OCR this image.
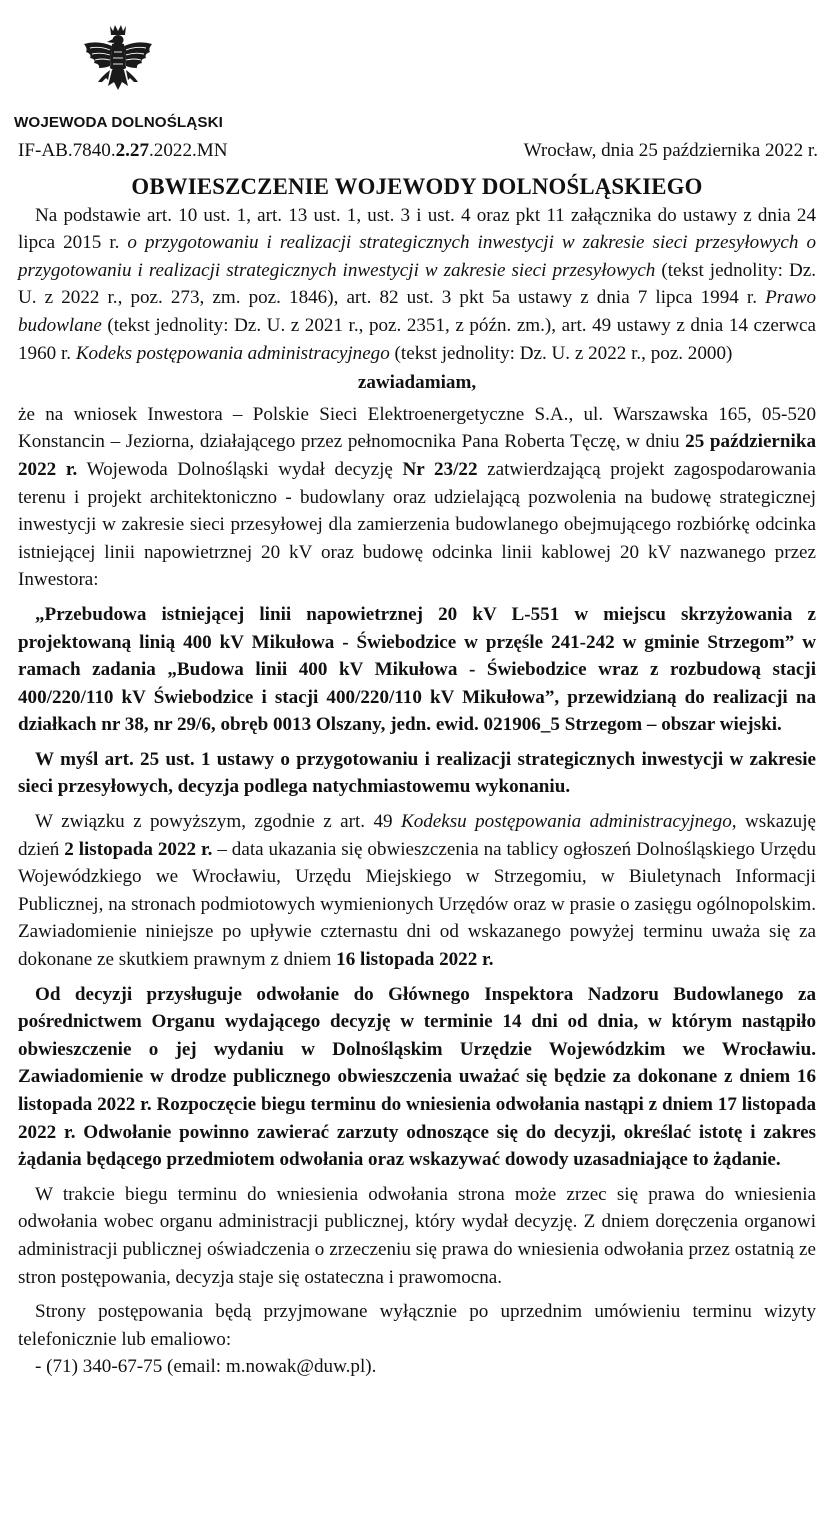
WOJEWODA DOLNOŚLĄSKI
IF-AB.7840.2.27.2022.MN	Wrocław, dnia 25 października 2022 r.
OBWIESZCZENIE WOJEWODY DOLNOŚLĄSKIEGO

Na podstawie art. 10 ust. 1, art. 13 ust. 1, ust. 3 i ust. 4 oraz pkt 11 załącznika do ustawy z dnia 24 lipca 2015 r. o przygotowaniu i realizacji strategicznych inwestycji w zakresie sieci przesyłowych o przygotowaniu i realizacji strategicznych inwestycji w zakresie sieci przesyłowych (tekst jednolity: Dz. U. z 2022 r., poz. 273, zm. poz. 1846), art. 82 ust. 3 pkt 5a ustawy z dnia 7 lipca 1994 r. Prawo budowlane (tekst jednolity: Dz. U. z 2021 r., poz. 2351, z późn. zm.), art. 49 ustawy z dnia 14 czerwca 1960 r. Kodeks postępowania administracyjnego (tekst jednolity: Dz. U. z 2022 r., poz. 2000)

zawiadamiam,

że na wniosek Inwestora – Polskie Sieci Elektroenergetyczne S.A., ul. Warszawska 165, 05-520 Konstancin – Jeziorna, działającego przez pełnomocnika Pana Roberta Tęczę, w dniu 25 października 2022 r. Wojewoda Dolnośląski wydał decyzję Nr 23/22 zatwierdzającą projekt zagospodarowania terenu i projekt architektoniczno - budowlany oraz udzielającą pozwolenia na budowę strategicznej inwestycji w zakresie sieci przesyłowej dla zamierzenia budowlanego obejmującego rozbiórkę odcinka istniejącej linii napowietrznej 20 kV oraz budowę odcinka linii kablowej 20 kV nazwanego przez Inwestora:

„Przebudowa istniejącej linii napowietrznej 20 kV L-551 w miejscu skrzyżowania z projektowaną linią 400 kV Mikułowa - Świebodzice w przęśle 241-242 w gminie Strzegom” w ramach zadania „Budowa linii 400 kV Mikułowa - Świebodzice wraz z rozbudową stacji 400/220/110 kV Świebodzice i stacji 400/220/110 kV Mikułowa”, przewidzianą do realizacji na działkach nr 38, nr 29/6, obręb 0013 Olszany, jedn. ewid. 021906_5 Strzegom – obszar wiejski.

W myśl art. 25 ust. 1 ustawy o przygotowaniu i realizacji strategicznych inwestycji w zakresie sieci przesyłowych, decyzja podlega natychmiastowemu wykonaniu.

W związku z powyższym, zgodnie z art. 49 Kodeksu postępowania administracyjnego, wskazuję dzień 2 listopada 2022 r. – data ukazania się obwieszczenia na tablicy ogłoszeń Dolnośląskiego Urzędu Wojewódzkiego we Wrocławiu, Urzędu Miejskiego w Strzegomiu, w Biuletynach Informacji Publicznej, na stronach podmiotowych wymienionych Urzędów oraz w prasie o zasięgu ogólnopolskim. Zawiadomienie niniejsze po upływie czternastu dni od wskazanego powyżej terminu uważa się za dokonane ze skutkiem prawnym z dniem 16 listopada 2022 r.

Od decyzji przysługuje odwołanie do Głównego Inspektora Nadzoru Budowlanego za pośrednictwem Organu wydającego decyzję w terminie 14 dni od dnia, w którym nastąpiło obwieszczenie o jej wydaniu w Dolnośląskim Urzędzie Wojewódzkim we Wrocławiu. Zawiadomienie w drodze publicznego obwieszczenia uważać się będzie za dokonane z dniem 16 listopada 2022 r. Rozpoczęcie biegu terminu do wniesienia odwołania nastąpi z dniem 17 listopada 2022 r. Odwołanie powinno zawierać zarzuty odnoszące się do decyzji, określać istotę i zakres żądania będącego przedmiotem odwołania oraz wskazywać dowody uzasadniające to żądanie.

W trakcie biegu terminu do wniesienia odwołania strona może zrzec się prawa do wniesienia odwołania wobec organu administracji publicznej, który wydał decyzję. Z dniem doręczenia organowi administracji publicznej oświadczenia o zrzeczeniu się prawa do wniesienia odwołania przez ostatnią ze stron postępowania, decyzja staje się ostateczna i prawomocna.

Strony postępowania będą przyjmowane wyłącznie po uprzednim umówieniu terminu wizyty telefonicznie lub emaliowo:

- (71) 340-67-75 (email: m.nowak@duw.pl).
